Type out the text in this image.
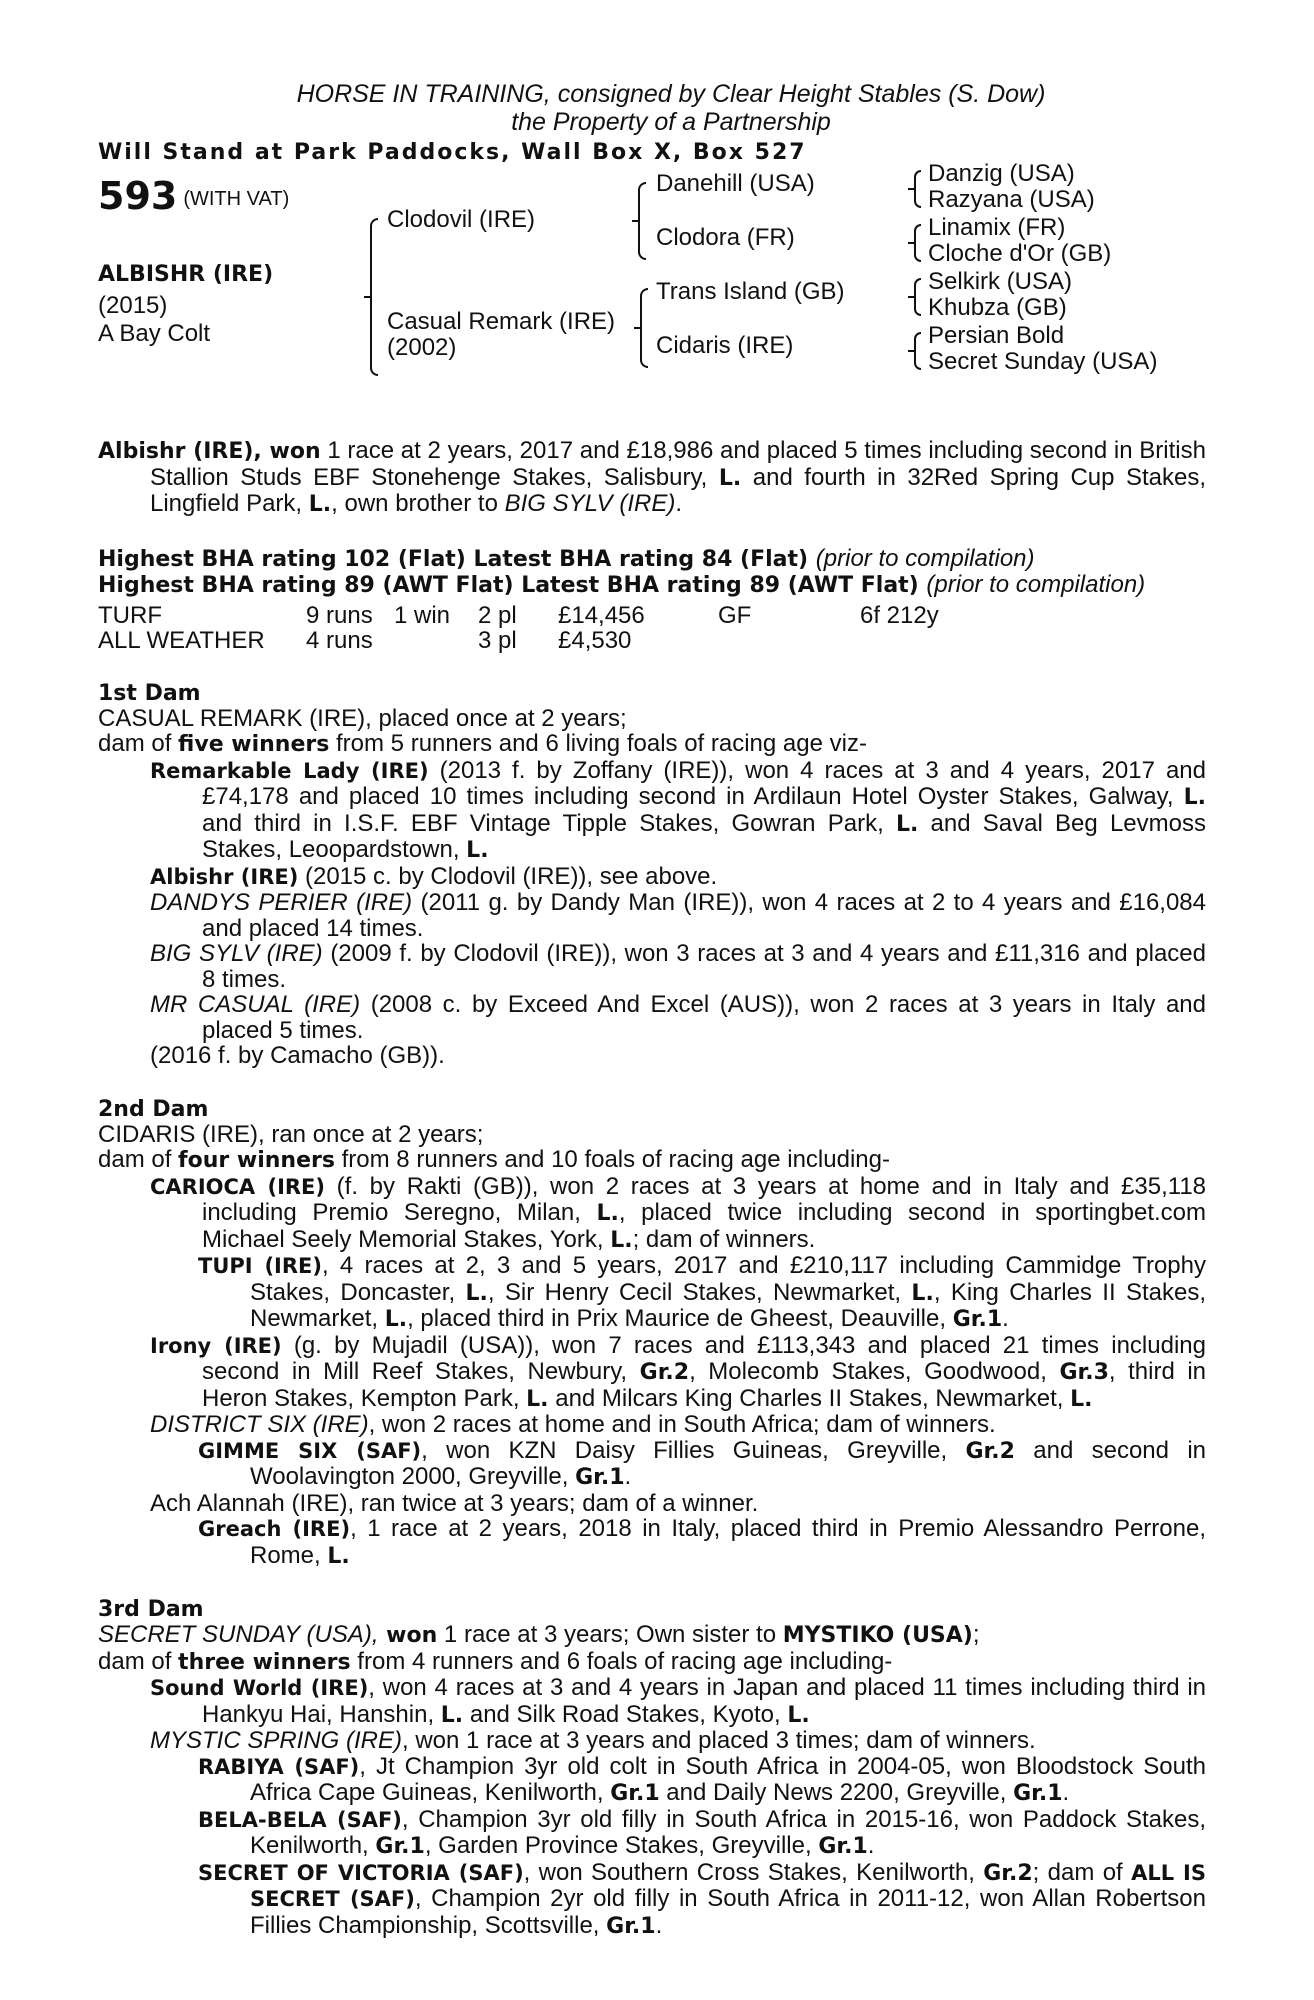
HORSE IN TRAINING, consigned by Clear Height Stables (S. Dow)
the Property of a Partnership
Will Stand at Park Paddocks, Wall Box X, Box 527
593 (WITH VAT)
ALBISHR (IRE)
(2015)
A Bay Colt
Clodovil (IRE)
Casual Remark (IRE)
(2002)
Danehill (USA)
Clodora (FR)
Trans Island (GB)
Cidaris (IRE)
Danzig (USA)
Razyana (USA)
Linamix (FR)
Cloche d'Or (GB)
Selkirk (USA)
Khubza (GB)
Persian Bold
Secret Sunday (USA)

Albishr (IRE), won 1 race at 2 years, 2017 and £18,986 and placed 5 times including second in British Stallion Studs EBF Stonehenge Stakes, Salisbury, L. and fourth in 32Red Spring Cup Stakes, Lingfield Park, L., own brother to BIG SYLV (IRE).

Highest BHA rating 102 (Flat) Latest BHA rating 84 (Flat) (prior to compilation)

Highest BHA rating 89 (AWT Flat) Latest BHA rating 89 (AWT Flat) (prior to compilation)

TURF	9 runs	1 win	2 pl	£14,456	GF	6f 212y
ALL WEATHER	4 runs		3 pl	£4,530		
1st Dam

CASUAL REMARK (IRE), placed once at 2 years;

dam of five winners from 5 runners and 6 living foals of racing age viz-

Remarkable Lady (IRE) (2013 f. by Zoffany (IRE)), won 4 races at 3 and 4 years, 2017 and £74,178 and placed 10 times including second in Ardilaun Hotel Oyster Stakes, Galway, L. and third in I.S.F. EBF Vintage Tipple Stakes, Gowran Park, L. and Saval Beg Levmoss Stakes, Leoopardstown, L.

Albishr (IRE) (2015 c. by Clodovil (IRE)), see above.

DANDYS PERIER (IRE) (2011 g. by Dandy Man (IRE)), won 4 races at 2 to 4 years and £16,084 and placed 14 times.

BIG SYLV (IRE) (2009 f. by Clodovil (IRE)), won 3 races at 3 and 4 years and £11,316 and placed 8 times.

MR CASUAL (IRE) (2008 c. by Exceed And Excel (AUS)), won 2 races at 3 years in Italy and placed 5 times.

(2016 f. by Camacho (GB)).

2nd Dam

CIDARIS (IRE), ran once at 2 years;

dam of four winners from 8 runners and 10 foals of racing age including-

CARIOCA (IRE) (f. by Rakti (GB)), won 2 races at 3 years at home and in Italy and £35,118 including Premio Seregno, Milan, L., placed twice including second in sportingbet.com Michael Seely Memorial Stakes, York, L.; dam of winners.

TUPI (IRE), 4 races at 2, 3 and 5 years, 2017 and £210,117 including Cammidge Trophy Stakes, Doncaster, L., Sir Henry Cecil Stakes, Newmarket, L., King Charles II Stakes, Newmarket, L., placed third in Prix Maurice de Gheest, Deauville, Gr.1.

Irony (IRE) (g. by Mujadil (USA)), won 7 races and £113,343 and placed 21 times including second in Mill Reef Stakes, Newbury, Gr.2, Molecomb Stakes, Goodwood, Gr.3, third in Heron Stakes, Kempton Park, L. and Milcars King Charles II Stakes, Newmarket, L.

DISTRICT SIX (IRE), won 2 races at home and in South Africa; dam of winners.

GIMME SIX (SAF), won KZN Daisy Fillies Guineas, Greyville, Gr.2 and second in Woolavington 2000, Greyville, Gr.1.

Ach Alannah (IRE), ran twice at 3 years; dam of a winner.

Greach (IRE), 1 race at 2 years, 2018 in Italy, placed third in Premio Alessandro Perrone, Rome, L.

3rd Dam

SECRET SUNDAY (USA), won 1 race at 3 years; Own sister to MYSTIKO (USA);

dam of three winners from 4 runners and 6 foals of racing age including-

Sound World (IRE), won 4 races at 3 and 4 years in Japan and placed 11 times including third in Hankyu Hai, Hanshin, L. and Silk Road Stakes, Kyoto, L.

MYSTIC SPRING (IRE), won 1 race at 3 years and placed 3 times; dam of winners.

RABIYA (SAF), Jt Champion 3yr old colt in South Africa in 2004-05, won Bloodstock South Africa Cape Guineas, Kenilworth, Gr.1 and Daily News 2200, Greyville, Gr.1.

BELA-BELA (SAF), Champion 3yr old filly in South Africa in 2015-16, won Paddock Stakes, Kenilworth, Gr.1, Garden Province Stakes, Greyville, Gr.1.

SECRET OF VICTORIA (SAF), won Southern Cross Stakes, Kenilworth, Gr.2; dam of ALL IS SECRET (SAF), Champion 2yr old filly in South Africa in 2011-12, won Allan Robertson Fillies Championship, Scottsville, Gr.1.
